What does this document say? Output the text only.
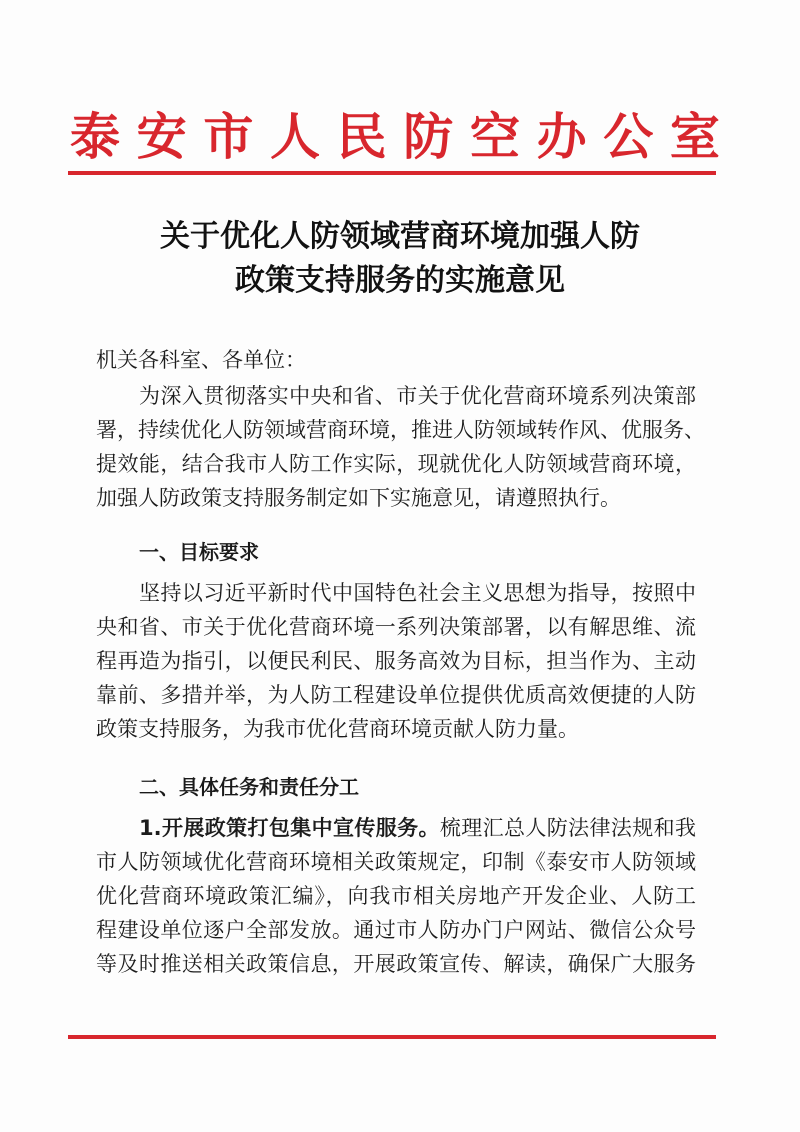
泰 安 市 人 民 防 空 办 公 室
关于优化人防领域营商环境加强人防
政策支持服务的实施意见
机关各科室、各单位：
为深入贯彻落实中央和省、市关于优化营商环境系列决策部
署，持续优化人防领域营商环境，推进人防领域转作风、优服务、
提效能，结合我市人防工作实际，现就优化人防领域营商环境，
加强人防政策支持服务制定如下实施意见，请遵照执行。
一、目标要求
坚持以习近平新时代中国特色社会主义思想为指导，按照中
央和省、市关于优化营商环境一系列决策部署，以有解思维、流
程再造为指引，以便民利民、服务高效为目标，担当作为、主动
靠前、多措并举，为人防工程建设单位提供优质高效便捷的人防
政策支持服务，为我市优化营商环境贡献人防力量。
二、具体任务和责任分工
1.开展政策打包集中宣传服务。梳理汇总人防法律法规和我
市人防领域优化营商环境相关政策规定，印制《泰安市人防领域
优化营商环境政策汇编》，向我市相关房地产开发企业、人防工
程建设单位逐户全部发放。通过市人防办门户网站、微信公众号
等及时推送相关政策信息，开展政策宣传、解读，确保广大服务
